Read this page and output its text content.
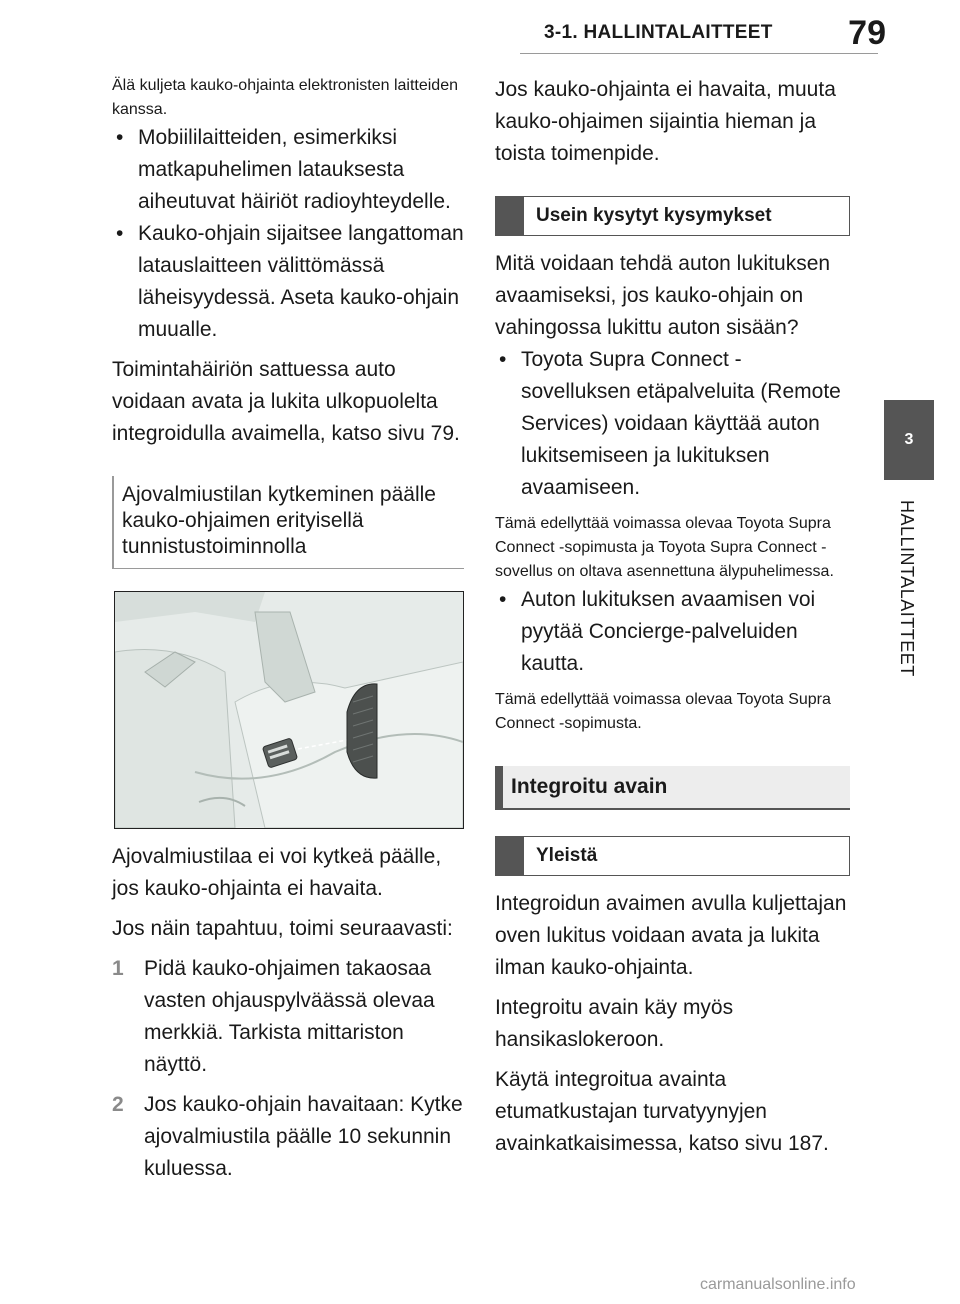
3-1. HALLINTALAITTEET 79
3
HALLINTALAITTEET

Älä kuljeta kauko-ohjainta elektronisten laitteiden kanssa.

• Mobiililaitteiden, esimerkiksi matkapuhelimen latauksesta aiheutuvat häiriöt radioyhteydelle.

• Kauko-ohjain sijaitsee langattoman latauslaitteen välittömässä läheisyydessä. Aseta kauko-ohjain muualle.

Toimintahäiriön sattuessa auto voidaan avata ja lukita ulkopuolelta integroidulla avaimella, katso sivu 79.

Ajovalmiustilan kytkeminen päälle kauko-ohjaimen erityisellä tunnistustoiminnolla

Ajovalmiustilaa ei voi kytkeä päälle, jos kauko-ohjainta ei havaita.

Jos näin tapahtuu, toimi seuraavasti:

1 Pidä kauko-ohjaimen takaosaa vasten ohjauspylväässä olevaa merkkiä. Tarkista mittariston näyttö.

2 Jos kauko-ohjain havaitaan: Kytke ajovalmiustila päälle 10 sekunnin kuluessa.

Jos kauko-ohjainta ei havaita, muuta kauko-ohjaimen sijaintia hieman ja toista toimenpide.

Usein kysytyt kysymykset

Mitä voidaan tehdä auton lukituksen avaamiseksi, jos kauko-ohjain on vahingossa lukittu auton sisään?

• Toyota Supra Connect -sovelluksen etäpalveluita (Remote Services) voidaan käyttää auton lukitsemiseen ja lukituksen avaamiseen.

Tämä edellyttää voimassa olevaa Toyota Supra Connect -sopimusta ja Toyota Supra Connect -sovellus on oltava asennettuna älypuhelimessa.

• Auton lukituksen avaamisen voi pyytää Concierge-palveluiden kautta.

Tämä edellyttää voimassa olevaa Toyota Supra Connect -sopimusta.

Integroitu avain
Yleistä

Integroidun avaimen avulla kuljettajan oven lukitus voidaan avata ja lukita ilman kauko-ohjainta.

Integroitu avain käy myös hansikaslokeroon.

Käytä integroitua avainta etumatkustajan turvatyynyjen avainkatkaisimessa, katso sivu 187.

carmanualsonline.info
